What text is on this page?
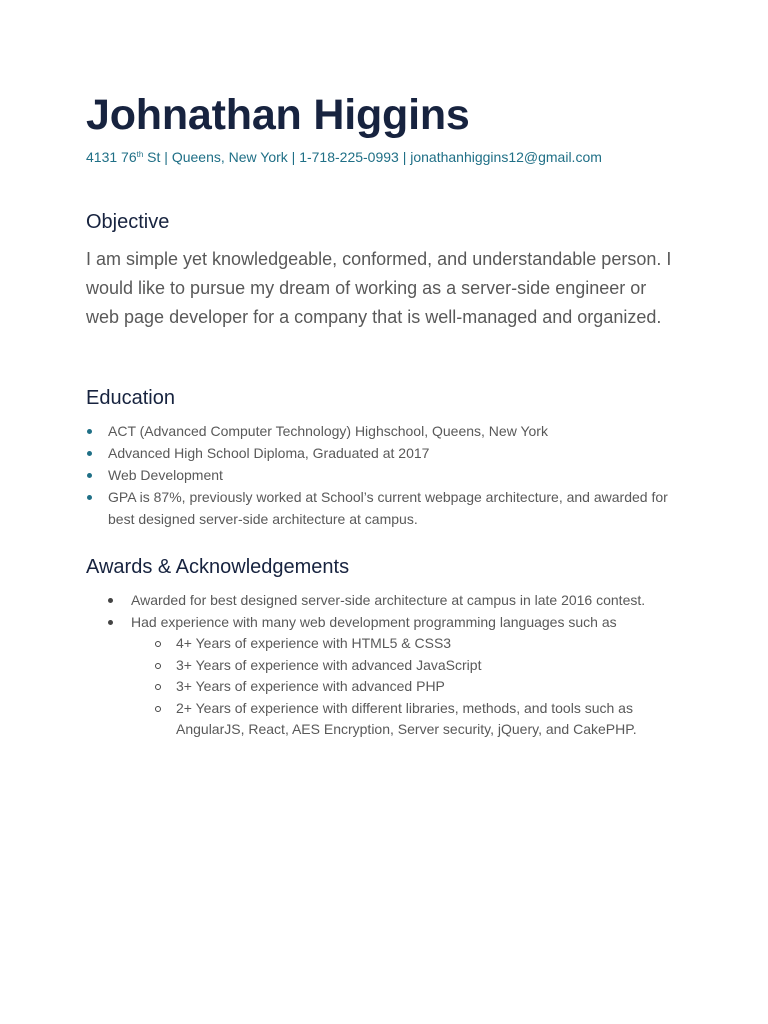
Johnathan Higgins
4131 76th St | Queens, New York | 1-718-225-0993 | jonathanhiggins12@gmail.com
Objective

I am simple yet knowledgeable, conformed, and understandable person. I would like to pursue my dream of working as a server-side engineer or web page developer for a company that is well-managed and organized.

Education
ACT (Advanced Computer Technology) Highschool, Queens, New York
Advanced High School Diploma, Graduated at 2017
Web Development
GPA is 87%, previously worked at School’s current webpage architecture, and awarded for best designed server-side architecture at campus.
Awards & Acknowledgements
Awarded for best designed server-side architecture at campus in late 2016 contest.
Had experience with many web development programming languages such as
4+ Years of experience with HTML5 & CSS3
3+ Years of experience with advanced JavaScript
3+ Years of experience with advanced PHP
2+ Years of experience with different libraries, methods, and tools such as AngularJS, React, AES Encryption, Server security, jQuery, and CakePHP.
